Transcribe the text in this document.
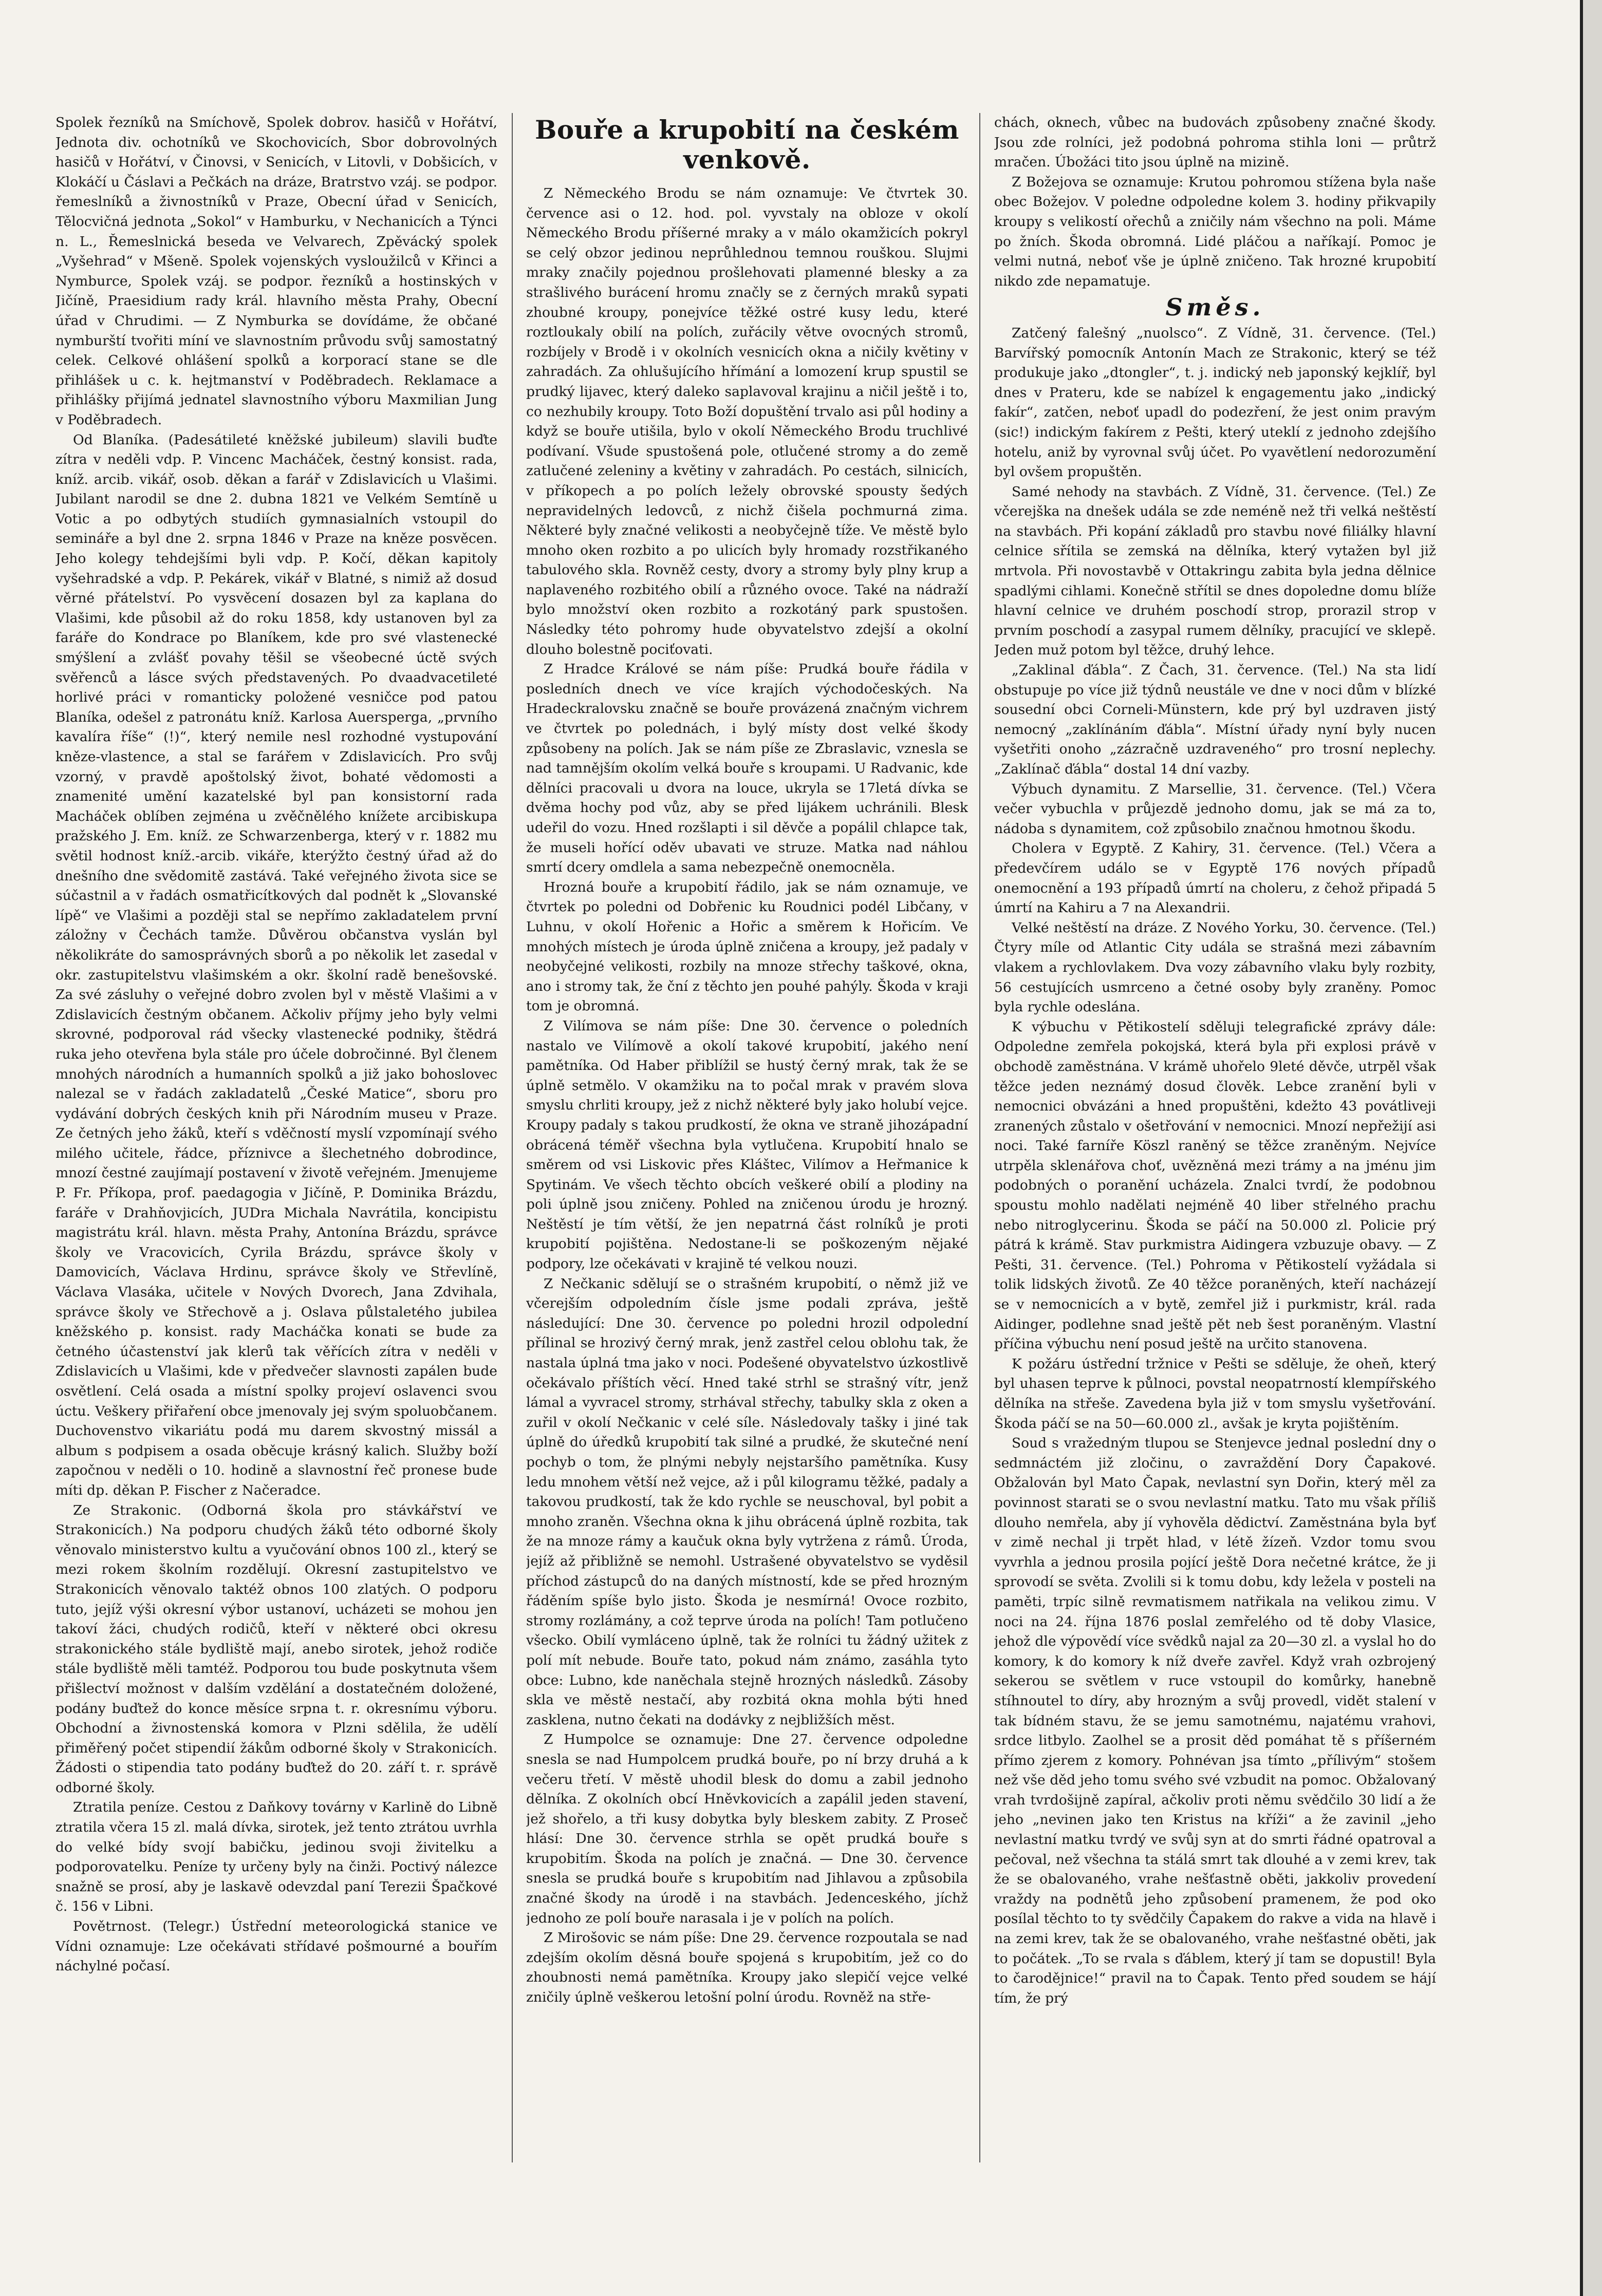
Spolek řezníků na Smíchově, Spolek dobrov. hasičů v Hořátví, Jednota div. ochotníků ve Skochovicích, Sbor dobrovolných hasičů v Hořátví, v Činovsi, v Senicích, v Litovli, v Dobšicích, v Klokáčí u Čáslavi a Pečkách na dráze, Bratrstvo vzáj. se podpor. řemeslníků a živnostníků v Praze, Obecní úřad v Senicích, Tělocvičná jednota „Sokol“ v Hamburku, v Nechanicích a Týnci n. L., Řemeslnická beseda ve Velvarech, Zpěvácký spolek „Vyšehrad“ v Mšeně. Spolek vojenských vysloužilců v Křinci a Nymburce, Spolek vzáj. se podpor. řezníků a hostinských v Jičíně, Praesidium rady král. hlavního města Prahy, Obecní úřad v Chrudimi. — Z Nymburka se dovídáme, že občané nymburští tvořiti míní ve slavnostním průvodu svůj samostatný celek. Celkové ohlášení spolků a korporací stane se dle přihlášek u c. k. hejtmanství v Poděbradech. Reklamace a přihlášky přijímá jednatel slavnostního výboru Maxmilian Jung v Poděbradech.

Od Blaníka. (Padesátileté kněžské jubileum) slavili buďte zítra v neděli vdp. P. Vincenc Macháček, čestný konsist. rada, kníž. arcib. vikář, osob. děkan a farář v Zdislavicích u Vlašimi. Jubilant narodil se dne 2. dubna 1821 ve Velkém Semtíně u Votic a po odbytých studiích gymnasialních vstoupil do semináře a byl dne 2. srpna 1846 v Praze na kněze posvěcen. Jeho kolegy tehdejšími byli vdp. P. Kočí, děkan kapitoly vyšehradské a vdp. P. Pekárek, vikář v Blatné, s nimiž až dosud věrné přátelství. Po vysvěcení dosazen byl za kaplana do Vlašimi, kde působil až do roku 1858, kdy ustanoven byl za faráře do Kondrace po Blaníkem, kde pro své vlastenecké smýšlení a zvlášť povahy těšil se všeobecné úctě svých svěřenců a lásce svých představených. Po dvaadvacetileté horlivé práci v romanticky položené vesničce pod patou Blaníka, odešel z patronátu kníž. Karlosa Auersperga, „prvního kavalíra říše“ (!)“, který nemile nesl rozhodné vystupování kněze-vlastence, a stal se farářem v Zdislavicích. Pro svůj vzorný, v pravdě apoštolský život, bohaté vědomosti a znamenité umění kazatelské byl pan konsistorní rada Macháček oblíben zejména u zvěčnělého knížete arcibiskupa pražského J. Em. kníž. ze Schwarzenberga, který v r. 1882 mu světil hodnost kníž.-arcib. vikáře, kterýžto čestný úřad až do dnešního dne svědomitě zastává. Také veřejného života sice se súčastnil a v řadách osmatřicítkových dal podnět k „Slovanské lípě“ ve Vlašimi a později stal se nepřímo zakladatelem první záložny v Čechách tamže. Důvěrou občanstva vyslán byl několikráte do samosprávných sborů a po několik let zasedal v okr. zastupitelstvu vlašimském a okr. školní radě benešovské. Za své zásluhy o veřejné dobro zvolen byl v městě Vlašimi a v Zdislavicích čestným občanem. Ačkoliv příjmy jeho byly velmi skrovné, podporoval rád všecky vlastenecké podniky, štědrá ruka jeho otevřena byla stále pro účele dobročinné. Byl členem mnohých národních a humanních spolků a již jako bohoslovec nalezal se v řadách zakladatelů „České Matice“, sboru pro vydávání dobrých českých knih při Národním museu v Praze. Ze četných jeho žáků, kteří s vděčností myslí vzpomínají svého milého učitele, řádce, příznivce a šlechetného dobrodince, mnozí čestné zaujímají postavení v životě veřejném. Jmenujeme P. Fr. Příkopa, prof. paedagogia v Jičíně, P. Dominika Brázdu, faráře v Drahňovjicích, JUDra Michala Navrátila, koncipistu magistrátu král. hlavn. města Prahy, Antonína Brázdu, správce školy ve Vracovicích, Cyrila Brázdu, správce školy v Damovicích, Václava Hrdinu, správce školy ve Střevlíně, Václava Vlasáka, učitele v Nových Dvorech, Jana Zdvihala, správce školy ve Střechově a j. Oslava půlstaletého jubilea kněžského p. konsist. rady Macháčka konati se bude za četného účastenství jak klerů tak věřících zítra v neděli v Zdislavicích u Vlašimi, kde v předvečer slavnosti zapálen bude osvětlení. Celá osada a místní spolky projeví oslavenci svou úctu. Veškery přiřaření obce jmenovaly jej svým spoluobčanem. Duchovenstvo vikariátu podá mu darem skvostný missál a album s podpisem a osada oběcuje krásný kalich. Služby boží započnou v neděli o 10. hodině a slavnostní řeč pronese bude míti dp. děkan P. Fischer z Načeradce.

Ze Strakonic. (Odborná škola pro stávkářství ve Strakonicích.) Na podporu chudých žáků této odborné školy věnovalo ministerstvo kultu a vyučování obnos 100 zl., který se mezi rokem školním rozdělují. Okresní zastupitelstvo ve Strakonicích věnovalo taktéž obnos 100 zlatých. O podporu tuto, jejíž výši okresní výbor ustanoví, ucházeti se mohou jen takoví žáci, chudých rodičů, kteří v některé obci okresu strakonického stále bydliště mají, anebo sirotek, jehož rodiče stále bydliště měli tamtéž. Podporou tou bude poskytnuta všem přišlectví možnost v dalším vzdělání a dostatečném doložené, podány buďtež do konce měsíce srpna t. r. okresnímu výboru. Obchodní a živnostenská komora v Plzni sdělila, že udělí přiměřený počet stipendií žákům odborné školy v Strakonicích. Žádosti o stipendia tato podány buďtež do 20. září t. r. správě odborné školy.

Ztratila peníze. Cestou z Daňkovy továrny v Karlině do Libně ztratila včera 15 zl. malá dívka, sirotek, jež tento ztrátou uvrhla do velké bídy svojí babičku, jedinou svoji živitelku a podporovatelku. Peníze ty určeny byly na činži. Poctivý nálezce snažně se prosí, aby je laskavě odevzdal paní Terezii Špačkové č. 156 v Libni.

Povětrnost. (Telegr.) Ústřední meteorologická stanice ve Vídni oznamuje: Lze očekávati střídavé pošmourné a bouřím náchylné počasí.

Bouře a krupobití na českém venkově.

Z Německého Brodu se nám oznamuje: Ve čtvrtek 30. července asi o 12. hod. pol. vyvstaly na obloze v okolí Německého Brodu příšerné mraky a v málo okamžicích pokryl se celý obzor jedinou neprůhlednou temnou rouškou. Slujmi mraky značily pojednou prošlehovati plamenné blesky a za strašlivého burácení hromu značly se z černých mraků sypati zhoubné kroupy, ponejvíce těžké ostré kusy ledu, které roztloukaly obilí na polích, zuřácily větve ovocných stromů, rozbíjely v Brodě i v okolních vesnicích okna a ničily květiny v zahradách. Za ohlušujícího hřímání a lomození krup spustil se prudký lijavec, který daleko saplavoval krajinu a ničil ještě i to, co nezhubily kroupy. Toto Boží dopuštění trvalo asi půl hodiny a když se bouře utišila, bylo v okolí Německého Brodu truchlivé podívaní. Všude spustošená pole, otlučené stromy a do země zatlučené zeleniny a květiny v zahradách. Po cestách, silnicích, v příkopech a po polích ležely obrovské spousty šedých nepravidelných ledovců, z nichž čišela pochmurná zima. Některé byly značné velikosti a neobyčejně tíže. Ve městě bylo mnoho oken rozbito a po ulicích byly hromady rozstřikaného tabulového skla. Rovněž cesty, dvory a stromy byly plny krup a naplaveného rozbitého obilí a různého ovoce. Také na nádraží bylo množství oken rozbito a rozkotáný park spustošen. Následky této pohromy hude obyvatelstvo zdejší a okolní dlouho bolestně pociťovati.

Z Hradce Králové se nám píše: Prudká bouře řádila v posledních dnech ve více krajích východočeských. Na Hradeckralovsku značně se bouře provázená značným vichrem ve čtvrtek po polednách, i bylý místy dost velké škody způsobeny na polích. Jak se nám píše ze Zbraslavic, vznesla se nad tamnějším okolím velká bouře s kroupami. U Radvanic, kde dělníci pracovali u dvora na louce, ukryla se 17letá dívka se dvěma hochy pod vůz, aby se před lijákem uchránili. Blesk udeřil do vozu. Hned rozšlapti i sil děvče a popálil chlapce tak, že museli hořící oděv ubavati ve struze. Matka nad náhlou smrtí dcery omdlela a sama nebezpečně onemocněla.

Hrozná bouře a krupobití řádilo, jak se nám oznamuje, ve čtvrtek po poledni od Dobřenic ku Roudnici podél Libčany, v Luhnu, v okolí Hořenic a Hořic a směrem k Hořicím. Ve mnohých místech je úroda úplně zničena a kroupy, jež padaly v neobyčejné velikosti, rozbily na mnoze střechy taškové, okna, ano i stromy tak, že ční z těchto jen pouhé pahýly. Škoda v kraji tom je obromná.

Z Vilímova se nám píše: Dne 30. července o poledních nastalo ve Vilímově a okolí takové krupobití, jakého není pamětníka. Od Haber přiblížil se hustý černý mrak, tak že se úplně setmělo. V okamžiku na to počal mrak v pravém slova smyslu chrliti kroupy, jež z nichž některé byly jako holubí vejce. Kroupy padaly s takou prudkostí, že okna ve straně jihozápadní obrácená téměř všechna byla vytlučena. Krupobití hnalo se směrem od vsi Liskovic přes Kláštec, Vilímov a Heřmanice k Spytinám. Ve všech těchto obcích veškeré obilí a plodiny na poli úplně jsou zničeny. Pohled na zničenou úrodu je hrozný. Neštěstí je tím větší, že jen nepatrná část rolníků je proti krupobití pojištěna. Nedostane-li se poškozeným nějaké podpory, lze očekávati v krajině té velkou nouzi.

Z Nečkanic sdělují se o strašném krupobití, o němž již ve včerejším odpoledním čísle jsme podali zpráva, ještě následující: Dne 30. července po poledni hrozil odpolední přílinal se hrozivý černý mrak, jenž zastřel celou oblohu tak, že nastala úplná tma jako v noci. Podešené obyvatelstvo úzkostlivě očekávalo příštích věcí. Hned také strhl se strašný vítr, jenž lámal a vyvracel stromy, strhával střechy, tabulky skla z oken a zuřil v okolí Nečkanic v celé síle. Následovaly tašky i jiné tak úplně do úředků krupobití tak silné a prudké, že skutečné není pochyb o tom, že plnými nebyly nejstaršího pamětníka. Kusy ledu mnohem větší než vejce, až i půl kilogramu těžké, padaly a takovou prudkostí, tak že kdo rychle se neuschoval, byl pobit a mnoho zraněn. Všechna okna k jihu obrácená úplně rozbita, tak že na mnoze rámy a kaučuk okna byly vytržena z rámů. Úroda, jejíž až přibližně se nemohl. Ustrašené obyvatelstvo se vyděsil příchod zástupců do na daných místností, kde se před hrozným řáděním spíše bylo jisto. Škoda je nesmírná! Ovoce rozbito, stromy rozlámány, a což teprve úroda na polích! Tam potlučeno všecko. Obilí vymláceno úplně, tak že rolníci tu žádný užitek z polí mít nebude. Bouře tato, pokud nám známo, zasáhla tyto obce: Lubno, kde naněchala stejně hrozných následků. Zásoby skla ve městě nestačí, aby rozbitá okna mohla býti hned zasklena, nutno čekati na dodávky z nejbližších měst.

Z Humpolce se oznamuje: Dne 27. července odpoledne snesla se nad Humpolcem prudká bouře, po ní brzy druhá a k večeru třetí. V městě uhodil blesk do domu a zabil jednoho dělníka. Z okolních obcí Hněvkovicích a zapálil jeden stavení, jež shořelo, a tři kusy dobytka byly bleskem zabity. Z Proseč hlásí: Dne 30. července strhla se opět prudká bouře s krupobitím. Škoda na polích je značná. — Dne 30. července snesla se prudká bouře s krupobitím nad Jihlavou a způsobila značné škody na úrodě i na stavbách. Jedenceského, jíchž jednoho ze polí bouře narasala i je v polích na polích.

Z Mirošovic se nám píše: Dne 29. července rozpoutala se nad zdejším okolím děsná bouře spojená s krupobitím, jež co do zhoubnosti nemá pamětníka. Kroupy jako slepičí vejce velké zničily úplně veškerou letošní polní úrodu. Rovněž na stře-

chách, oknech, vůbec na budovách způsobeny značné škody. Jsou zde rolníci, jež podobná pohroma stihla loni — průtrž mračen. Úbožáci tito jsou úplně na mizině.

Z Božejova se oznamuje: Krutou pohromou stížena byla naše obec Božejov. V poledne odpoledne kolem 3. hodiny přikvapily kroupy s velikostí ořechů a zničily nám všechno na poli. Máme po žních. Škoda obromná. Lidé pláčou a naříkají. Pomoc je velmi nutná, neboť vše je úplně zničeno. Tak hrozné krupobití nikdo zde nepamatuje.

Směs.

Zatčený falešný „nuolsco“. Z Vídně, 31. července. (Tel.) Barvířský pomocník Antonín Mach ze Strakonic, který se též produkuje jako „dtongler“, t. j. indický neb japonský kejklíř, byl dnes v Prateru, kde se nabízel k engagementu jako „indický fakír“, zatčen, neboť upadl do podezření, že jest onim pravým (sic!) indickým fakírem z Pešti, který uteklí z jednoho zdejšího hotelu, aniž by vyrovnal svůj účet. Po vyavětlení nedorozumění byl ovšem propuštěn.

Samé nehody na stavbách. Z Vídně, 31. července. (Tel.) Ze včerejška na dnešek udála se zde neméně než tři velká neštěstí na stavbách. Při kopání základů pro stavbu nové filiálky hlavní celnice sřítila se zemská na dělníka, který vytažen byl již mrtvola. Při novostavbě v Ottakringu zabita byla jedna dělnice spadlými cihlami. Konečně střítil se dnes dopoledne domu blíže hlavní celnice ve druhém poschodí strop, prorazil strop v prvním poschodí a zasypal rumem dělníky, pracující ve sklepě. Jeden muž potom byl těžce, druhý lehce.

„Zaklinal ďábla“. Z Čach, 31. července. (Tel.) Na sta lidí obstupuje po více již týdnů neustále ve dne v noci dům v blízké sousední obci Corneli-Münstern, kde prý byl uzdraven jistý nemocný „zaklínáním ďábla“. Místní úřady nyní byly nucen vyšetřiti onoho „zázračně uzdraveného“ pro trosní neplechy. „Zaklínač ďábla“ dostal 14 dní vazby.

Výbuch dynamitu. Z Marsellie, 31. července. (Tel.) Včera večer vybuchla v průjezdě jednoho domu, jak se má za to, nádoba s dynamitem, což způsobilo značnou hmotnou škodu.

Cholera v Egyptě. Z Kahiry, 31. července. (Tel.) Včera a předevčírem událo se v Egyptě 176 nových případů onemocnění a 193 případů úmrtí na choleru, z čehož připadá 5 úmrtí na Kahiru a 7 na Alexandrii.

Velké neštěstí na dráze. Z Nového Yorku, 30. července. (Tel.) Čtyry míle od Atlantic City udála se strašná mezi zábavním vlakem a rychlovlakem. Dva vozy zábavního vlaku byly rozbity, 56 cestujících usmrceno a četné osoby byly zraněny. Pomoc byla rychle odeslána.

K výbuchu v Pětikostelí sděluji telegrafické zprávy dále: Odpoledne zemřela pokojská, která byla při explosi právě v obchodě zaměstnána. V krámě uhořelo 9leté děvče, utrpěl však těžce jeden neznámý dosud člověk. Lebce zranění byli v nemocnici obvázáni a hned propuštěni, kdežto 43 povátliveji zranených zůstalo v ošetřování v nemocnici. Mnozí nepřežijí asi noci. Také farníře Köszl raněný se těžce zraněným. Nejvíce utrpěla sklenářova choť, uvězněná mezi trámy a na jménu jim podobných o poranění ucházela. Znalci tvrdí, že podobnou spoustu mohlo nadělati nejméně 40 liber střelného prachu nebo nitroglycerinu. Škoda se páčí na 50.000 zl. Policie prý pátrá k krámě. Stav purkmistra Aidingera vzbuzuje obavy. — Z Pešti, 31. července. (Tel.) Pohroma v Pětikostelí vyžádala si tolik lidských životů. Ze 40 těžce poraněných, kteří nacházejí se v nemocnicích a v bytě, zemřel již i purkmistr, král. rada Aidinger, podlehne snad ještě pět neb šest poraněným. Vlastní příčina výbuchu není posud ještě na určito stanovena.

K požáru ústřední tržnice v Pešti se sděluje, že oheň, který byl uhasen teprve k půlnoci, povstal neopatrností klempířského dělníka na střeše. Zavedena byla již v tom smyslu vyšetřování. Škoda páčí se na 50—60.000 zl., avšak je kryta pojištěním.

Soud s vražedným tlupou se Stenjevce jednal poslední dny o sedmnáctém již zločinu, o zavraždění Dory Čapakové. Obžalován byl Mato Čapak, nevlastní syn Dořin, který měl za povinnost starati se o svou nevlastní matku. Tato mu však příliš dlouho nemřela, aby jí vyhověla dědictví. Zaměstnána byla byť v zimě nechal ji trpět hlad, v létě žízeň. Vzdor tomu svou vyvrhla a jednou prosila pojící ještě Dora nečetné krátce, že ji sprovodí se světa. Zvolili si k tomu dobu, kdy ležela v posteli na paměti, trpíc silně revmatismem natřikala na velikou zimu. V noci na 24. října 1876 poslal zemřelého od tě doby Vlasice, jehož dle výpovědí více svědků najal za 20—30 zl. a vyslal ho do komory, k do komory k níž dveře zavřel. Když vrah ozbrojený sekerou se světlem v ruce vstoupil do komůrky, hanebně stíhnoutel to díry, aby hrozným a svůj provedl, vidět stalení v tak bídném stavu, že se jemu samotnému, najatému vrahovi, srdce litbylo. Zaolhel se a prosit děd pomáhat tě s příšerném přímo zjerem z komory. Pohnévan jsa tímto „přílivým“ stošem než vše děd jeho tomu svého své vzbudit na pomoc. Obžalovaný vrah tvrdošijně zapíral, ačkoliv proti němu svědčilo 30 lidí a že jeho „nevinen jako ten Kristus na kříži“ a že zavinil „jeho nevlastní matku tvrdý ve svůj syn at do smrti řádné opatroval a pečoval, než všechna ta stálá smrt tak dlouhé a v zemi krev, tak že se obalovaného, vrahe nešťastně oběti, jakkoliv provedení vraždy na podnětů jeho způsobení pramenem, že pod oko posílal těchto to ty svědčily Čapakem do rakve a vida na hlavě i na zemi krev, tak že se obalovaného, vrahe nešťastné oběti, jak to počátek. „To se rvala s ďáblem, který jí tam se dopustil! Byla to čarodějnice!“ pravil na to Čapak. Tento před soudem se hájí tím, že prý
